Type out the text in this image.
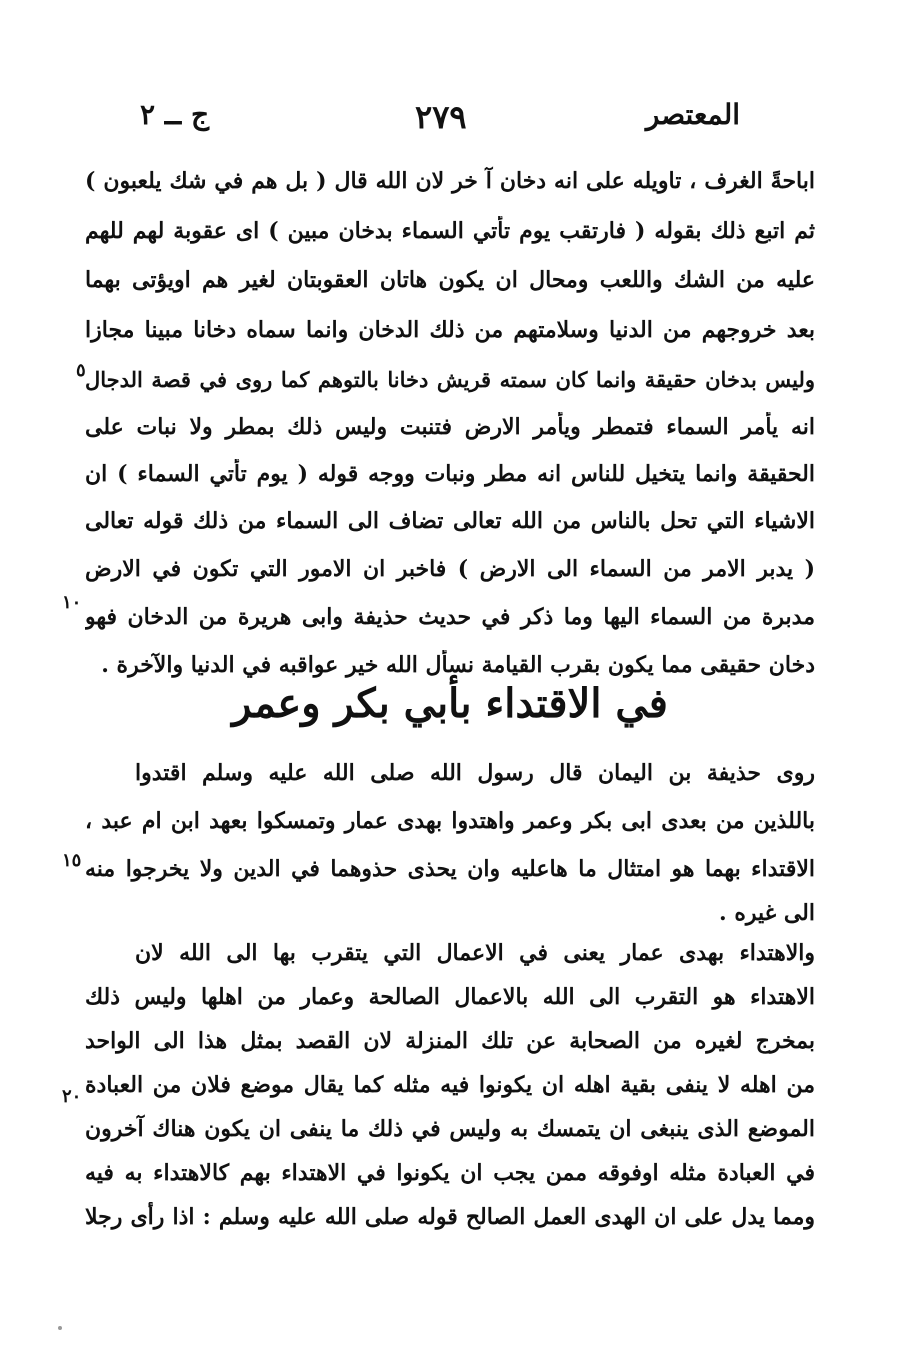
المعتصر
٢٧٩
ج ــ ٢
اباحةً الغرف ، تاويله على انه دخان آ خر لان الله قال ( بل هم في شك يلعبون )
ثم اتبع ذلك بقوله ( فارتقب يوم تأتي السماء بدخان مبين ) اى عقوبة لهم للهم
عليه من الشك واللعب ومحال ان يكون هاتان العقوبتان لغير هم اويؤتى بهما
بعد خروجهم من الدنيا وسلامتهم من ذلك الدخان وانما سماه دخانا مبينا مجازا
وليس بدخان حقيقة وانما كان سمته قريش دخانا بالتوهم كما روى في قصة الدجال
٥
انه يأمر السماء فتمطر ويأمر الارض فتنبت وليس ذلك بمطر ولا نبات على
الحقيقة وانما يتخيل للناس انه مطر ونبات ووجه قوله ( يوم تأتي السماء ) ان
الاشياء التي تحل بالناس من الله تعالى تضاف الى السماء من ذلك قوله تعالى
( يدبر الامر من السماء الى الارض ) فاخبر ان الامور التي تكون في الارض
مدبرة من السماء اليها وما ذكر في حديث حذيفة وابى هريرة من الدخان فهو
١٠
دخان حقيقى مما يكون بقرب القيامة نسأل الله خير عواقبه في الدنيا والآخرة .
في الاقتداء بأبي بكر وعمر
روى حذيفة بن اليمان قال رسول الله صلى الله عليه وسلم اقتدوا
باللذين من بعدى ابى بكر وعمر واهتدوا بهدى عمار وتمسكوا بعهد ابن ام عبد ،
الاقتداء بهما هو امتثال ما هاعليه وان يحذى حذوهما في الدين ولا يخرجوا منه
١٥
الى غيره .
والاهتداء بهدى عمار يعنى في الاعمال التي يتقرب بها الى الله لان
الاهتداء هو التقرب الى الله بالاعمال الصالحة وعمار من اهلها وليس ذلك
بمخرج لغيره من الصحابة عن تلك المنزلة لان القصد بمثل هذا الى الواحد
من اهله لا ينفى بقية اهله ان يكونوا فيه مثله كما يقال موضع فلان من العبادة
٢٠
الموضع الذى ينبغى ان يتمسك به وليس في ذلك ما ينفى ان يكون هناك آخرون
في العبادة مثله اوفوقه ممن يجب ان يكونوا في الاهتداء بهم كالاهتداء به فيه
ومما يدل على ان الهدى العمل الصالح قوله صلى الله عليه وسلم : اذا رأى رجلا
